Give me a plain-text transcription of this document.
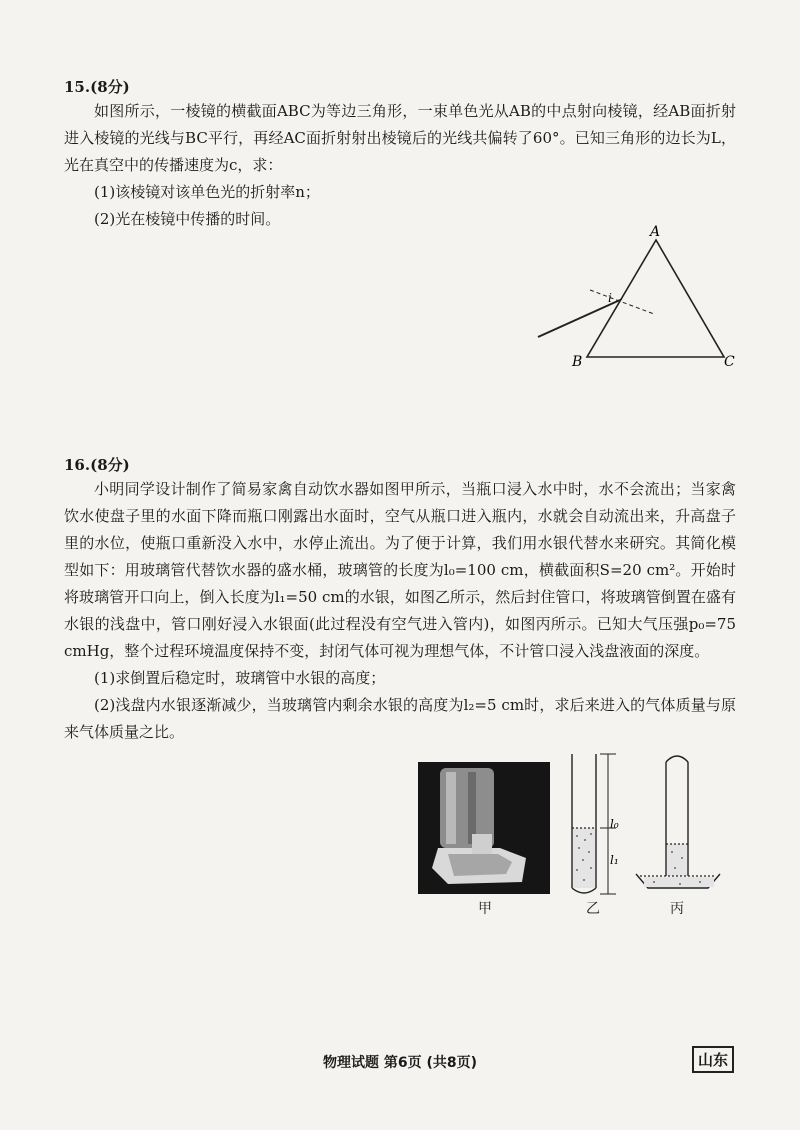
15.(8分)

如图所示，一棱镜的横截面ABC为等边三角形，一束单色光从AB的中点射向棱镜，经AB面折射进入棱镜的光线与BC平行，再经AC面折射射出棱镜后的光线共偏转了60°。已知三角形的边长为L，光在真空中的传播速度为c，求：

(1)该棱镜对该单色光的折射率n；

(2)光在棱镜中传播的时间。

A
B	C
i
16.(8分)

小明同学设计制作了简易家禽自动饮水器如图甲所示，当瓶口浸入水中时，水不会流出；当家禽饮水使盘子里的水面下降而瓶口刚露出水面时，空气从瓶口进入瓶内，水就会自动流出来，升高盘子里的水位，使瓶口重新没入水中，水停止流出。为了便于计算，我们用水银代替水来研究。其简化模型如下：用玻璃管代替饮水器的盛水桶，玻璃管的长度为l₀=100 cm，横截面积S=20 cm²。开始时将玻璃管开口向上，倒入长度为l₁=50 cm的水银，如图乙所示，然后封住管口，将玻璃管倒置在盛有水银的浅盘中，管口刚好浸入水银面(此过程没有空气进入管内)，如图丙所示。已知大气压强p₀=75 cmHg，整个过程环境温度保持不变，封闭气体可视为理想气体，不计管口浸入浅盘液面的深度。

(1)求倒置后稳定时，玻璃管中水银的高度；

(2)浅盘内水银逐渐减少，当玻璃管内剩余水银的高度为l₂=5 cm时，求后来进入的气体质量与原来气体质量之比。

甲
l₀
l₁
乙	丙
物理试题 第6页 (共8页)	山东
